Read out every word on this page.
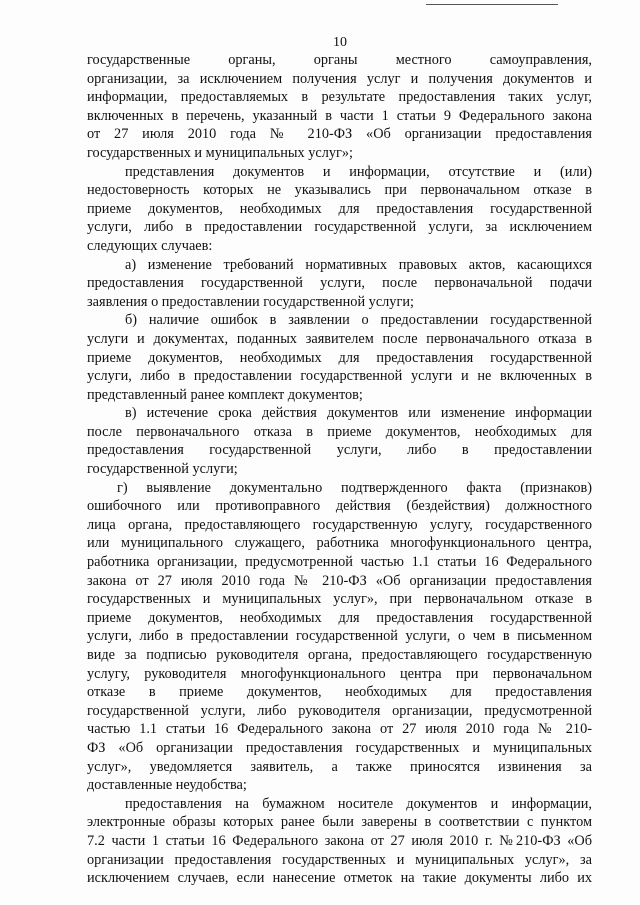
10
государственные органы, органы местного самоуправления,
организации, за исключением получения услуг и получения документов и
информации, предоставляемых в результате предоставления таких услуг,
включенных в перечень, указанный в части 1 статьи 9 Федерального закона
от 27 июля 2010 года № 210-ФЗ «Об организации предоставления
государственных и муниципальных услуг»;
представления документов и информации, отсутствие и (или)
недостоверность которых не указывались при первоначальном отказе в
приеме документов, необходимых для предоставления государственной
услуги, либо в предоставлении государственной услуги, за исключением
следующих случаев:
а) изменение требований нормативных правовых актов, касающихся
предоставления государственной услуги, после первоначальной подачи
заявления о предоставлении государственной услуги;
б) наличие ошибок в заявлении о предоставлении государственной
услуги и документах, поданных заявителем после первоначального отказа в
приеме документов, необходимых для предоставления государственной
услуги, либо в предоставлении государственной услуги и не включенных в
представленный ранее комплект документов;
в) истечение срока действия документов или изменение информации
после первоначального отказа в приеме документов, необходимых для
предоставления государственной услуги, либо в предоставлении
государственной услуги;
г) выявление документально подтвержденного факта (признаков)
ошибочного или противоправного действия (бездействия) должностного
лица органа, предоставляющего государственную услугу, государственного
или муниципального служащего, работника многофункционального центра,
работника организации, предусмотренной частью 1.1 статьи 16 Федерального
закона от 27 июля 2010 года № 210-ФЗ «Об организации предоставления
государственных и муниципальных услуг», при первоначальном отказе в
приеме документов, необходимых для предоставления государственной
услуги, либо в предоставлении государственной услуги, о чем в письменном
виде за подписью руководителя органа, предоставляющего государственную
услугу, руководителя многофункционального центра при первоначальном
отказе в приеме документов, необходимых для предоставления
государственной услуги, либо руководителя организации, предусмотренной
частью 1.1 статьи 16 Федерального закона от 27 июля 2010 года № 210-
ФЗ «Об организации предоставления государственных и муниципальных
услуг», уведомляется заявитель, а также приносятся извинения за
доставленные неудобства;
предоставления на бумажном носителе документов и информации,
электронные образы которых ранее были заверены в соответствии с пунктом
7.2 части 1 статьи 16 Федерального закона от 27 июля 2010 г. №210-ФЗ «Об
организации предоставления государственных и муниципальных услуг», за
исключением случаев, если нанесение отметок на такие документы либо их
